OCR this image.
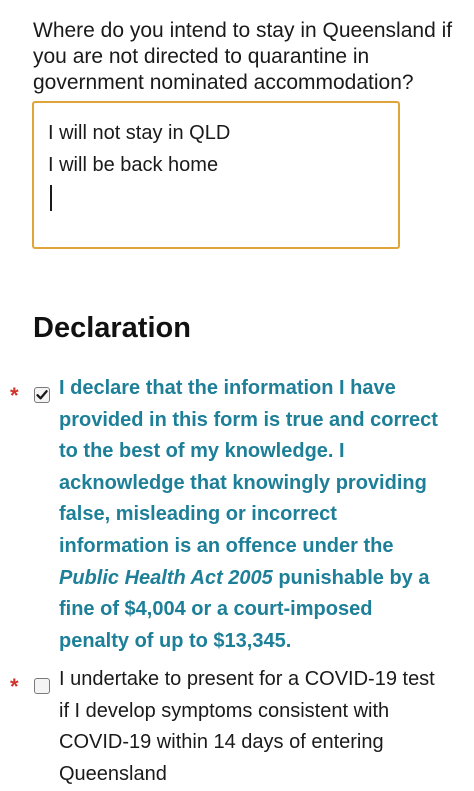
Where do you intend to stay in Queensland if you are not directed to quarantine in government nominated accommodation?
I will not stay in QLD
I will be back home
Declaration
* I declare that the information I have provided in this form is true and correct to the best of my knowledge. I acknowledge that knowingly providing false, misleading or incorrect information is an offence under the Public Health Act 2005 punishable by a fine of $4,004 or a court-imposed penalty of up to $13,345.
* I undertake to present for a COVID-19 test if I develop symptoms consistent with COVID-19 within 14 days of entering Queensland
